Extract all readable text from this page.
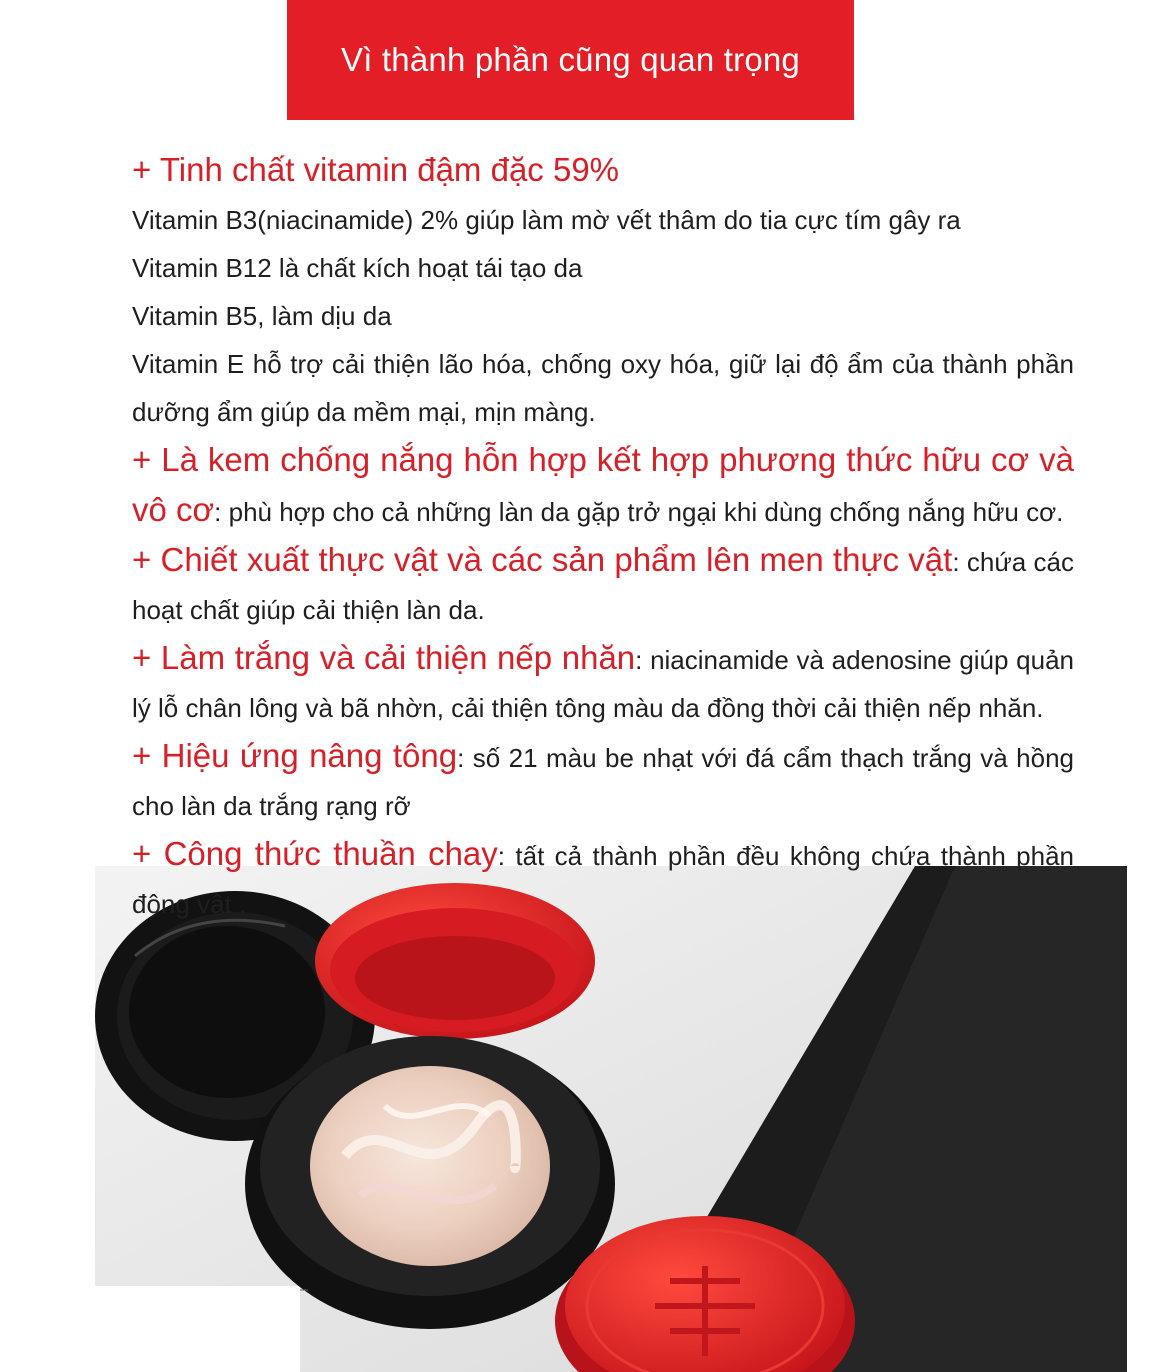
Vì thành phần cũng quan trọng

+ Tinh chất vitamin đậm đặc 59%

Vitamin B3(niacinamide) 2% giúp làm mờ vết thâm do tia cực tím gây ra

Vitamin B12 là chất kích hoạt tái tạo da

Vitamin B5, làm dịu da

Vitamin E hỗ trợ cải thiện lão hóa, chống oxy hóa, giữ lại độ ẩm của thành phần dưỡng ẩm giúp da mềm mại, mịn màng.

+ Là kem chống nắng hỗn hợp kết hợp phương thức hữu cơ và vô cơ: phù hợp cho cả những làn da gặp trở ngại khi dùng chống nắng hữu cơ.

+ Chiết xuất thực vật và các sản phẩm lên men thực vật: chứa các hoạt chất giúp cải thiện làn da.

+ Làm trắng và cải thiện nếp nhăn: niacinamide và adenosine giúp quản lý lỗ chân lông và bã nhờn, cải thiện tông màu da đồng thời cải thiện nếp nhăn.

+ Hiệu ứng nâng tông: số 21 màu be nhạt với đá cẩm thạch trắng và hồng cho làn da trắng rạng rỡ

+ Công thức thuần chay: tất cả thành phần đều không chứa thành phần động vật .
